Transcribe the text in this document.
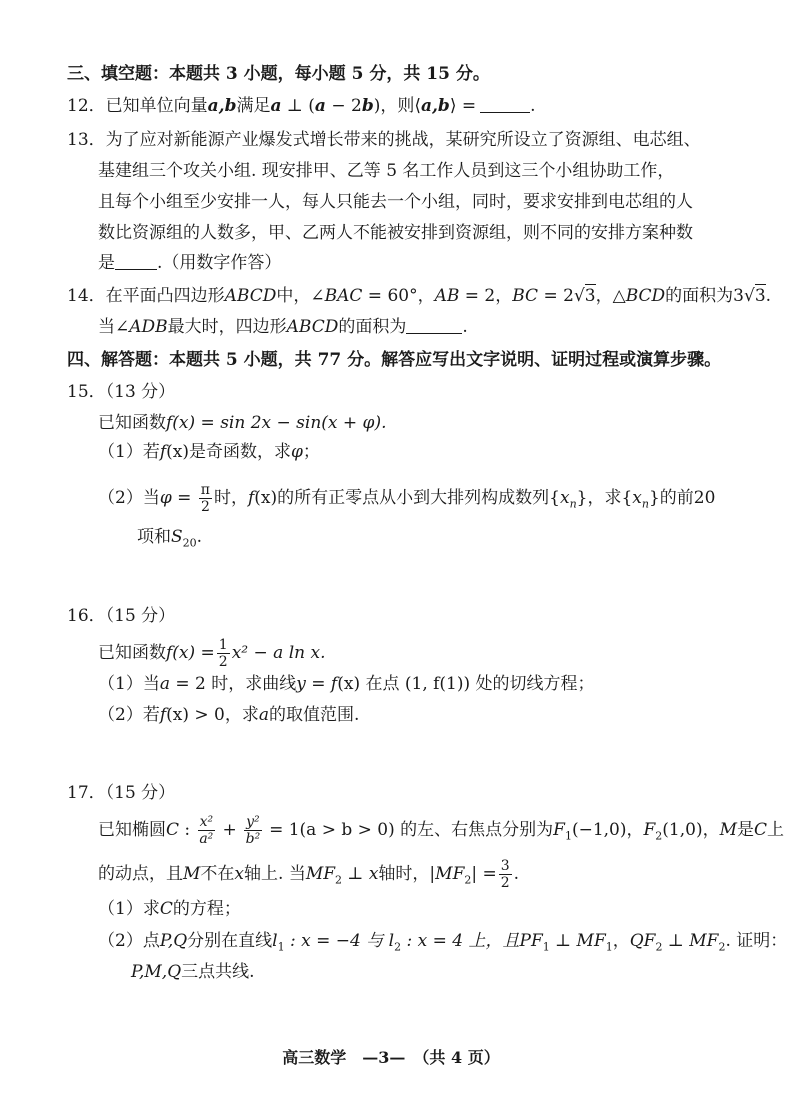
三、填空题：本题共 3 小题，每小题 5 分，共 15 分。
12．已知单位向量a,b满足a ⊥ (a − 2b)，则⟨a,b⟩ =	.
13．为了应对新能源产业爆发式增长带来的挑战，某研究所设立了资源组、电芯组、
基建组三个攻关小组. 现安排甲、乙等 5 名工作人员到这三个小组协助工作，
且每个小组至少安排一人，每人只能去一个小组，同时，要求安排到电芯组的人
数比资源组的人数多，甲、乙两人不能被安排到资源组，则不同的安排方案种数
是 .（用数字作答）
14．在平面凸四边形ABCD中，∠BAC = 60°，AB = 2，BC = 2√3，△BCD的面积为3√3.
当∠ADB最大时，四边形ABCD的面积为	.
四、解答题：本题共 5 小题，共 77 分。解答应写出文字说明、证明过程或演算步骤。
15．（13 分）
已知函数f(x) = sin 2x − sin(x + φ).
（1）若f(x)是奇函数，求φ；
（2）当$\varphi = \frac{\pi}{2}$ 时，f(x)的所有正零点从小到大排列构成数列$\{x_n\}$，求$\{x_n\}$的前20
项和$S_{20}$.
16．（15 分）
已知函数$f(x) = \frac{1}{2} x^2 - a$ ln x.
（1）当a = 2 时，求曲线y = f(x) 在点 (1, f(1)) 处的切线方程；
（2）若f(x) > 0，求a的取值范围.
17．（15 分）
已知椭圆C : $\frac{\text{x²}}{\text{a²}} + \frac{\text{y²}}{\text{b²}} = 1(a > b > 0)$ 的左、右焦点分别为$F_1(-1,0)$，$F_2(1,0)$，M是C上
的动点，且M不在x轴上. 当$MF_2$ ⊥ x轴时，$|MF_2| = \frac{3}{2}$ .
（1）求C的方程；
（2）点P,Q分别在直线$l_1$ : x = −4 与 $l_2$ : x = 4 上，且$PF_1$ ⊥ $MF_1$，$QF_2$ ⊥ $MF_2$. 证明：
P,M,Q三点共线.
高三数学　—3—　（共 4 页）
